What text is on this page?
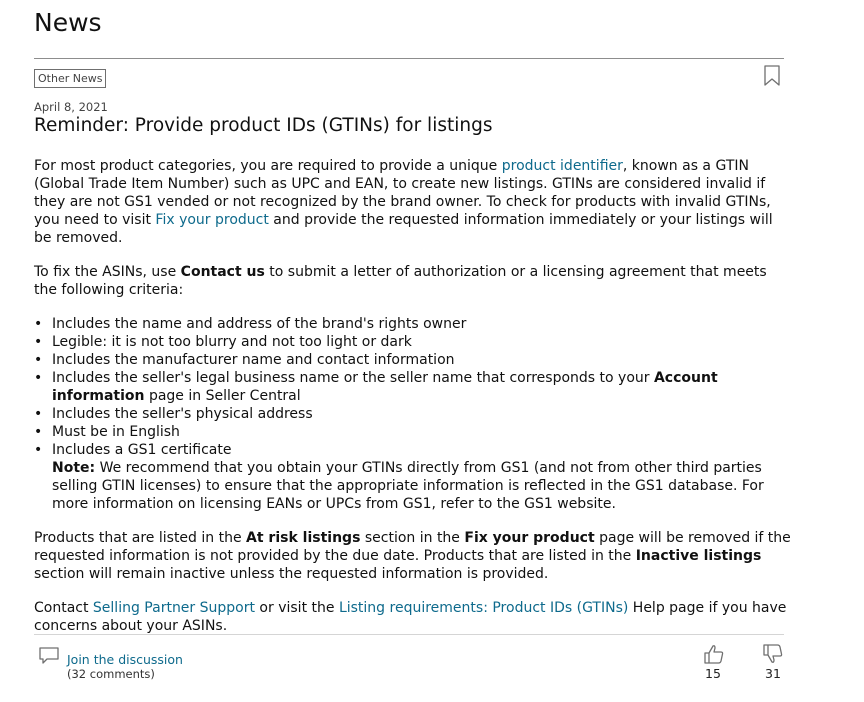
News
Other News
April 8, 2021
Reminder: Provide product IDs (GTINs) for listings

For most product categories, you are required to provide a unique product identifier, known as a GTIN (Global Trade Item Number) such as UPC and EAN, to create new listings. GTINs are considered invalid if they are not GS1 vended or not recognized by the brand owner. To check for products with invalid GTINs, you need to visit Fix your product and provide the requested information immediately or your listings will be removed.

To fix the ASINs, use Contact us to submit a letter of authorization or a licensing agreement that meets the following criteria:

• Includes the name and address of the brand's rights owner
• Legible: it is not too blurry and not too light or dark
• Includes the manufacturer name and contact information
• Includes the seller's legal business name or the seller name that corresponds to your Account information page in Seller Central
• Includes the seller's physical address
• Must be in English
• Includes a GS1 certificate
Note: We recommend that you obtain your GTINs directly from GS1 (and not from other third parties selling GTIN licenses) to ensure that the appropriate information is reflected in the GS1 database. For more information on licensing EANs or UPCs from GS1, refer to the GS1 website.

Products that are listed in the At risk listings section in the Fix your product page will be removed if the requested information is not provided by the due date. Products that are listed in the Inactive listings section will remain inactive unless the requested information is provided.

Contact Selling Partner Support or visit the Listing requirements: Product IDs (GTINs) Help page if you have concerns about your ASINs.

Join the discussion
(32 comments)	15	31
